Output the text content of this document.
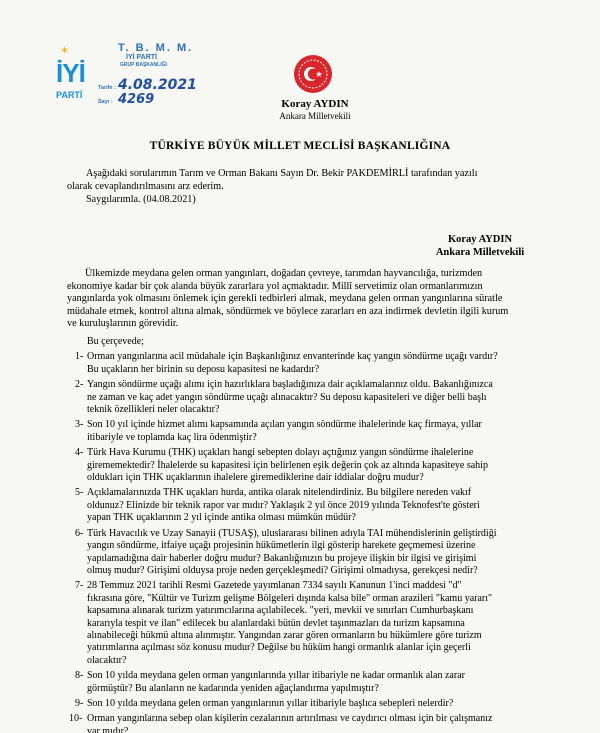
✶
İYİ
PARTİ
T. B. M. M.
İYİ PARTİ
GRUP BAŞKANLIĞI
Tarihi : 4.08.2021
Sayı : 4269	Koray AYDIN
Ankara Milletvekili
TÜRKİYE BÜYÜK MİLLET MECLİSİ BAŞKANLIĞINA
Aşağıdaki sorularımın Tarım ve Orman Bakanı Sayın Dr. Bekir PAKDEMİRLİ tarafından yazılı
olarak cevaplandırılmasını arz ederim.
Saygılarımla. (04.08.2021)
Koray AYDIN
Ankara Milletvekili
Ülkemizde meydana gelen orman yangınları, doğadan çevreye, tarımdan hayvancılığa, turizmden
ekonomiye kadar bir çok alanda büyük zararlara yol açmaktadır. Millî servetimiz olan ormanlarımızın
yangınlarda yok olmasını önlemek için gerekli tedbirleri almak, meydana gelen orman yangınlarına süratle
müdahale etmek, kontrol altına almak, söndürmek ve böylece zararları en aza indirmek devletin ilgili kurum
ve kuruluşlarının görevidir.
Bu çerçevede;
1- Orman yangınlarına acil müdahale için Başkanlığınız envanterinde kaç yangın söndürme uçağı vardır?
Bu uçakların her birinin su deposu kapasitesi ne kadardır?
2- Yangın söndürme uçağı alımı için hazırlıklara başladığınıza dair açıklamalarınız oldu. Bakanlığınızca
ne zaman ve kaç adet yangın söndürme uçağı alınacaktır? Su deposu kapasiteleri ve diğer belli başlı
teknik özellikleri neler olacaktır?
3- Son 10 yıl içinde hizmet alımı kapsamında açılan yangın söndürme ihalelerinde kaç firmaya, yıllar
itibariyle ve toplamda kaç lira ödenmiştir?
4- Türk Hava Kurumu (THK) uçakları hangi sebepten dolayı açtığınız yangın söndürme ihalelerine
girememektedir? İhalelerde su kapasitesi için belirlenen eşik değerin çok az altında kapasiteye sahip
oldukları için THK uçaklarının ihalelere giremediklerine dair iddialar doğru mudur?
5- Açıklamalarınızda THK uçakları hurda, antika olarak nitelendirdiniz. Bu bilgilere nereden vakıf
oldunuz? Elinizde bir teknik rapor var mıdır? Yaklaşık 2 yıl önce 2019 yılında Teknofest'te gösteri
yapan THK uçaklarının 2 yıl içinde antika olması mümkün müdür?
6- Türk Havacılık ve Uzay Sanayii (TUSAŞ), uluslararası bilinen adıyla TAI mühendislerinin geliştirdiği
yangın söndürme, itfaiye uçağı projesinin hükümetlerin ilgi gösterip harekete geçmemesi üzerine
yapılamadığına dair haberler doğru mudur? Bakanlığınızın bu projeye ilişkin bir ilgisi ve girişimi
olmuş mudur? Girişimi olduysa proje neden gerçekleşmedi? Girişimi olmadıysa, gerekçesi nedir?
7- 28 Temmuz 2021 tarihli Resmi Gazetede yayımlanan 7334 sayılı Kanunun 1'inci maddesi "d"
fıkrasına göre, "Kültür ve Turizm gelişme Bölgeleri dışında kalsa bile" orman arazileri "kamu yararı"
kapsamına alınarak turizm yatırımcılarına açılabilecek. "yeri, mevkii ve sınırları Cumhurbaşkanı
kararıyla tespit ve ilan" edilecek bu alanlardaki bütün devlet taşınmazları da turizm kapsamına
alınabileceği hükmü altına alınmıştır. Yangından zarar gören ormanların bu hükümlere göre turizm
yatırımlarına açılması söz konusu mudur? Değilse bu hüküm hangi ormanlık alanlar için geçerli
olacaktır?
8- Son 10 yılda meydana gelen orman yangınlarında yıllar itibariyle ne kadar ormanlık alan zarar
görmüştür? Bu alanların ne kadarında yeniden ağaçlandırma yapılmıştır?
9- Son 10 yılda meydana gelen orman yangınlarının yıllar itibariyle başlıca sebepleri nelerdir?
10- Orman yangınlarına sebep olan kişilerin cezalarının artırılması ve caydırıcı olması için bir çalışmanız
var mıdır?
